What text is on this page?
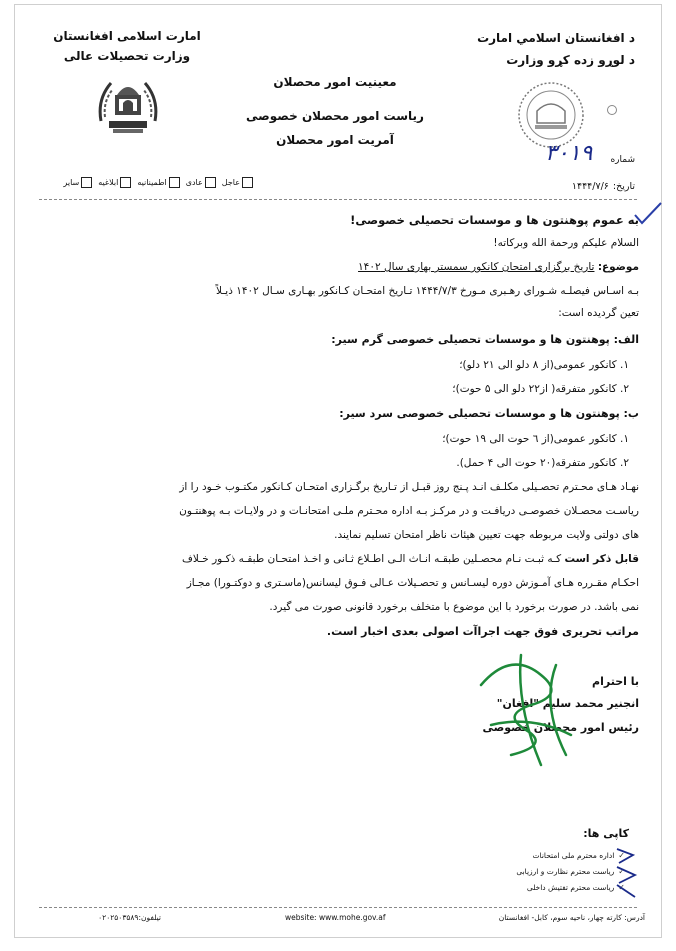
امارت اسلامی افغانستان
وزارت تحصیلات عالی
د افغانستان اسلامي امارت
د لوړو زده کړو وزارت
معینیت امور محصلان
ریاست امور محصلان خصوصی
آمریت امور محصلان
شماره
۳۰۱۹
عاجل
عادی
اطمینانیه
ابلاغیه
سایر	تاریخ:
۱۴۴۴/۷/۶
به عموم پوهنتون ها و موسسات تحصیلی خصوصی!
السلام علیکم ورحمة الله وبرکاته!
موضوع: تاریخ برگزاری امتحان کانکور سمستر بهاری سال ۱۴۰۲
بـه اسـاس فیصلـه شـورای رهـبری مـورخ ۱۴۴۴/۷/۳ تـاریخ امتحـان کـانکور بهـاری سـال ۱۴۰۲ ذیـلاً
تعین گردیده است:
الف: پوهنتون ها و موسسات تحصیلی خصوصی گرم سیر:
۱. کانکور عمومی(از ۸ دلو الی ۲۱ دلو)؛
۲. کانکور متفرقه( از۲۲ دلو الی ۵ حوت)؛
ب: پوهنتون ها و موسسات تحصیلی خصوصی سرد سیر:
۱. کانکور عمومی(از ٦ حوت الی ۱۹ حوت)؛
۲. کانکور متفرقه(۲۰ حوت الی ۴ حمل).
نهـاد هـای محـترم تحصـیلی مکلـف انـد پـنج روز قبـل از تـاریخ برگـزاری امتحـان کـانکور مکتـوب خـود را از
ریاسـت محصـلان خصوصـی دریافـت و در مرکـز بـه اداره محـترم ملـی امتحانـات و در ولایـات بـه پوهنتـون
های دولتی ولایت مربوطه جهت تعیین هیئات ناظر امتحان تسلیم نمایند.
قابل ذکر است کـه ثبـت نـام محصـلین طبقـه انـاث الـی اطـلاع ثـانی و اخـذ امتحـان طبقـه ذکـور خـلاف
احکـام مقـرره هـای آمـوزش دوره لیسـانس و تحصـیلات عـالی فـوق لیسانس(ماسـتری و دوکتـورا) مجـاز
نمی باشد. در صورت برخورد با این موضوع با متخلف برخورد قانونی صورت می گیرد.
مراتب تحریری فوق جهت اجراآت اصولی بعدی اخبار است.
با احترام
انجنیر محمد سلیم "افغان"
رئیس امور محصلان خصوصی
کاپی ها:
✓اداره محترم ملی امتحانات
✓ریاست محترم نظارت و ارزیابی
✓ریاست محترم تفتیش داخلی
آدرس: کارته چهار، ناحیه سوم، کابل- افغانستان
website: www.mohe.gov.af
تیلفون:۰۲۰۲۵۰۳۵۸۹
